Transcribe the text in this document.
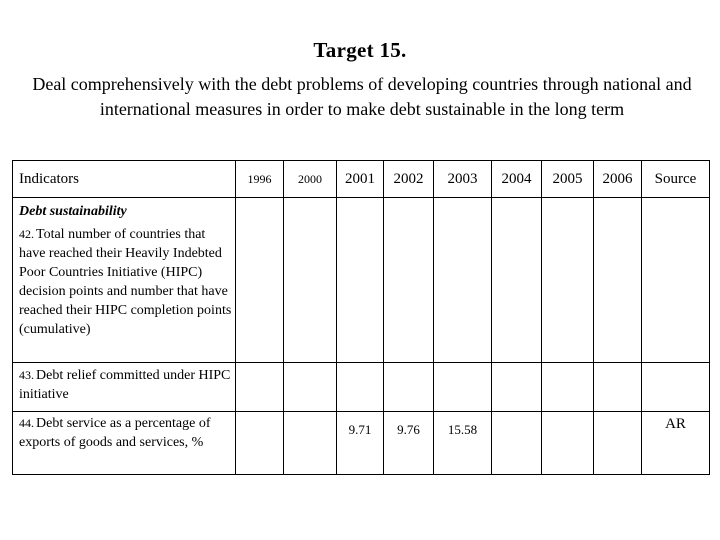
Target 15.
Deal comprehensively with the debt problems of developing countries through national and international measures in order to make debt sustainable in the long term
Indicators	1996	2000	2001	2002	2003	2004	2005	2006	Source

Debt sustainability
42. Total number of countries that have reached their Heavily Indebted Poor Countries Initiative (HIPC) decision points and number that have reached their HIPC completion points (cumulative)									

43. Debt relief committed under HIPC initiative									
44. Debt service as a percentage of exports of goods and services, %			9.71	9.76	15.58				AR
